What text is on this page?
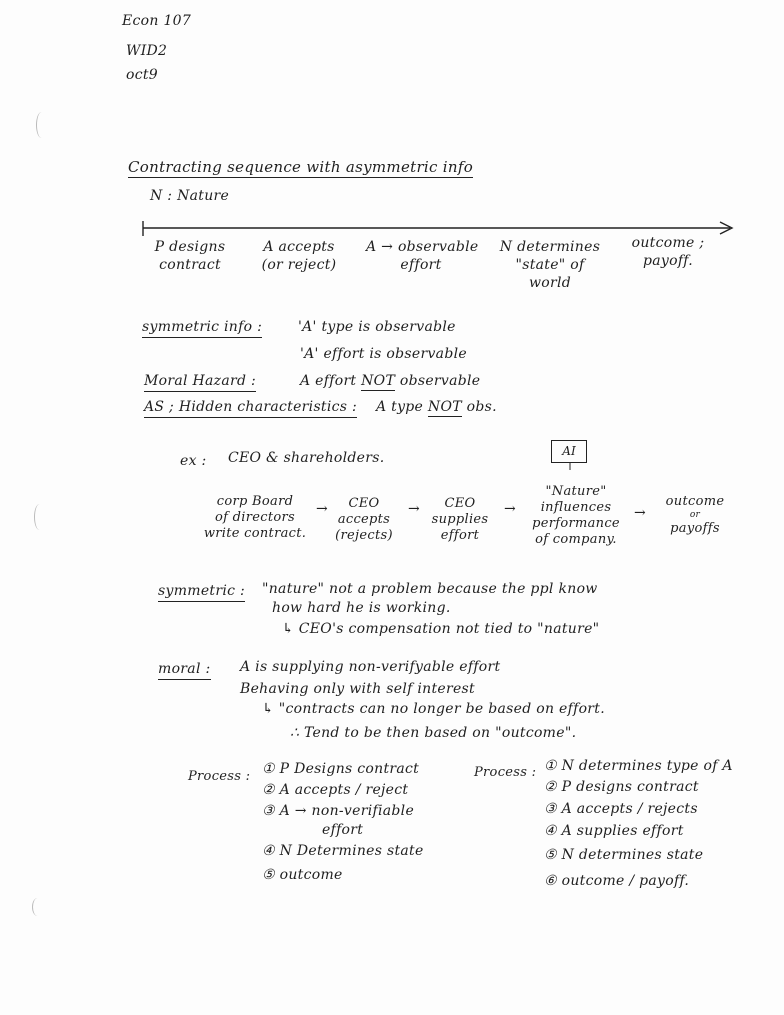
Econ 107
WID2
oct9
Contracting sequence with asymmetric info
N : Nature
P designs
contract
A accepts
(or reject)
A → observable
effort
N determines
"state" of
world
outcome ;
payoff.
symmetric info :	'A' type is observable
'A' effort is observable
Moral Hazard :	A effort NOT observable
AS ; Hidden characteristics : A type NOT obs.
ex : CEO & shareholders.	AI
corp Board
of directors
write contract.
→	CEO
accepts
(rejects)
→	CEO
supplies
effort
→
"Nature"
influences
performance
of company.
→
outcome
or
payoffs
symmetric : "nature" not a problem because the ppl know
how hard he is working.
↳ CEO's compensation not tied to "nature"
moral : A is supplying non-verifyable effort
Behaving only with self interest
↳ "contracts can no longer be based on effort.
∴ Tend to be then based on "outcome".
Process : ① P Designs contract
② A accepts / reject
③ A → non-verifiable
effort
④ N Determines state
⑤ outcome
Process : ① N determines type of A
② P designs contract
③ A accepts / rejects
④ A supplies effort
⑤ N determines state
⑥ outcome / payoff.
